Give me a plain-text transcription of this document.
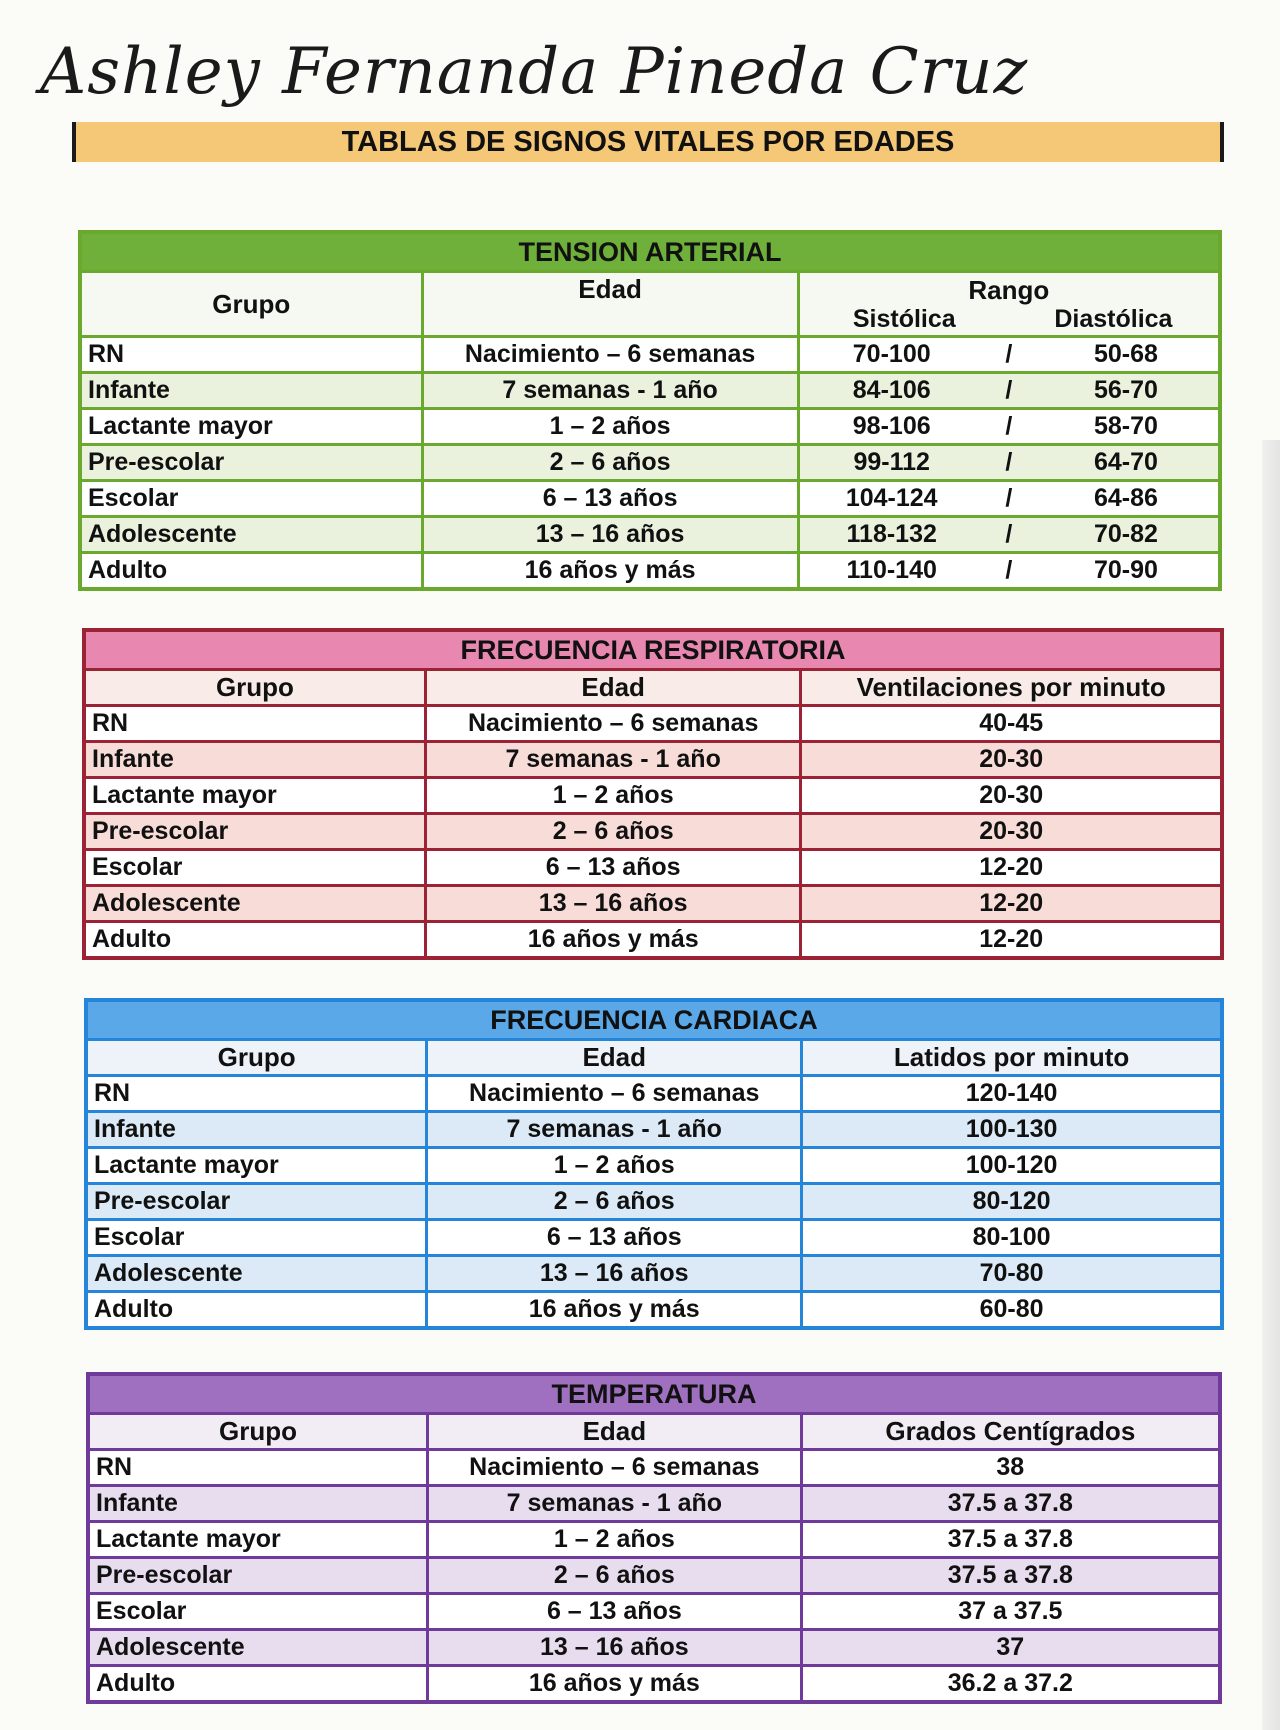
Ashley Fernanda Pineda Cruz
TABLAS DE SIGNOS VITALES POR EDADES
TENSION ARTERIAL		
Grupo	Edad	Rango
Sistólica Diastólica

RN	Nacimiento – 6 semanas	70-100 / 50-68

Infante	7 semanas - 1 año	84-106 / 56-70

Lactante mayor	1 – 2 años	98-106 / 58-70

Pre-escolar	2 – 6 años	99-112 / 64-70

Escolar	6 – 13 años	104-124 / 64-86

Adolescente	13 – 16 años	118-132 / 70-82

Adulto	16 años y más	110-140 / 70-90
FRECUENCIA RESPIRATORIA		
Grupo	Edad	Ventilaciones por minuto
RN	Nacimiento – 6 semanas	40-45
Infante	7 semanas - 1 año	20-30
Lactante mayor	1 – 2 años	20-30
Pre-escolar	2 – 6 años	20-30
Escolar	6 – 13 años	12-20
Adolescente	13 – 16 años	12-20
Adulto	16 años y más	12-20
FRECUENCIA CARDIACA		
Grupo	Edad	Latidos por minuto
RN	Nacimiento – 6 semanas	120-140
Infante	7 semanas - 1 año	100-130
Lactante mayor	1 – 2 años	100-120
Pre-escolar	2 – 6 años	80-120
Escolar	6 – 13 años	80-100
Adolescente	13 – 16 años	70-80
Adulto	16 años y más	60-80
TEMPERATURA		
Grupo	Edad	Grados Centígrados
RN	Nacimiento – 6 semanas	38
Infante	7 semanas - 1 año	37.5 a 37.8
Lactante mayor	1 – 2 años	37.5 a 37.8
Pre-escolar	2 – 6 años	37.5 a 37.8
Escolar	6 – 13 años	37 a 37.5
Adolescente	13 – 16 años	37
Adulto	16 años y más	36.2 a 37.2
